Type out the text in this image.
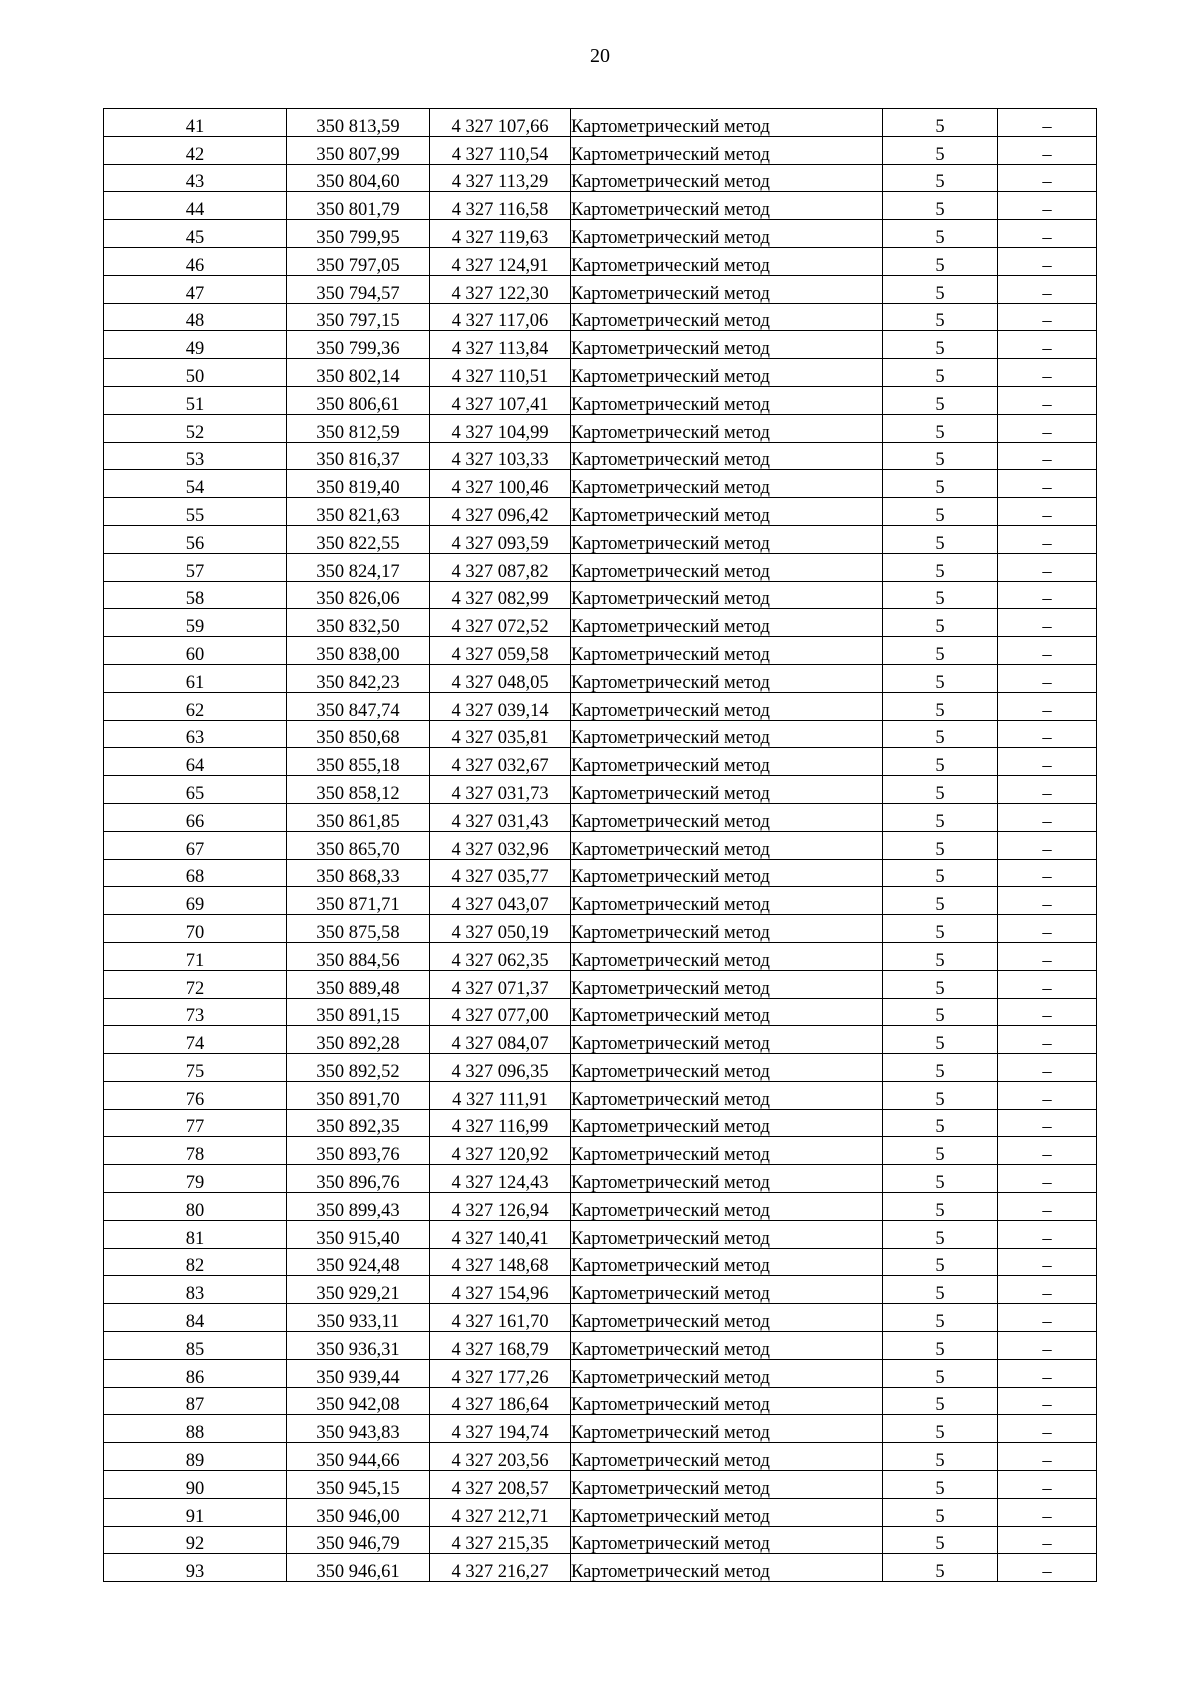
20
41	350 813,59	4 327 107,66	Картометрический метод	5	–
42	350 807,99	4 327 110,54	Картометрический метод	5	–
43	350 804,60	4 327 113,29	Картометрический метод	5	–
44	350 801,79	4 327 116,58	Картометрический метод	5	–
45	350 799,95	4 327 119,63	Картометрический метод	5	–
46	350 797,05	4 327 124,91	Картометрический метод	5	–
47	350 794,57	4 327 122,30	Картометрический метод	5	–
48	350 797,15	4 327 117,06	Картометрический метод	5	–
49	350 799,36	4 327 113,84	Картометрический метод	5	–
50	350 802,14	4 327 110,51	Картометрический метод	5	–
51	350 806,61	4 327 107,41	Картометрический метод	5	–
52	350 812,59	4 327 104,99	Картометрический метод	5	–
53	350 816,37	4 327 103,33	Картометрический метод	5	–
54	350 819,40	4 327 100,46	Картометрический метод	5	–
55	350 821,63	4 327 096,42	Картометрический метод	5	–
56	350 822,55	4 327 093,59	Картометрический метод	5	–
57	350 824,17	4 327 087,82	Картометрический метод	5	–
58	350 826,06	4 327 082,99	Картометрический метод	5	–
59	350 832,50	4 327 072,52	Картометрический метод	5	–
60	350 838,00	4 327 059,58	Картометрический метод	5	–
61	350 842,23	4 327 048,05	Картометрический метод	5	–
62	350 847,74	4 327 039,14	Картометрический метод	5	–
63	350 850,68	4 327 035,81	Картометрический метод	5	–
64	350 855,18	4 327 032,67	Картометрический метод	5	–
65	350 858,12	4 327 031,73	Картометрический метод	5	–
66	350 861,85	4 327 031,43	Картометрический метод	5	–
67	350 865,70	4 327 032,96	Картометрический метод	5	–
68	350 868,33	4 327 035,77	Картометрический метод	5	–
69	350 871,71	4 327 043,07	Картометрический метод	5	–
70	350 875,58	4 327 050,19	Картометрический метод	5	–
71	350 884,56	4 327 062,35	Картометрический метод	5	–
72	350 889,48	4 327 071,37	Картометрический метод	5	–
73	350 891,15	4 327 077,00	Картометрический метод	5	–
74	350 892,28	4 327 084,07	Картометрический метод	5	–
75	350 892,52	4 327 096,35	Картометрический метод	5	–
76	350 891,70	4 327 111,91	Картометрический метод	5	–
77	350 892,35	4 327 116,99	Картометрический метод	5	–
78	350 893,76	4 327 120,92	Картометрический метод	5	–
79	350 896,76	4 327 124,43	Картометрический метод	5	–
80	350 899,43	4 327 126,94	Картометрический метод	5	–
81	350 915,40	4 327 140,41	Картометрический метод	5	–
82	350 924,48	4 327 148,68	Картометрический метод	5	–
83	350 929,21	4 327 154,96	Картометрический метод	5	–
84	350 933,11	4 327 161,70	Картометрический метод	5	–
85	350 936,31	4 327 168,79	Картометрический метод	5	–
86	350 939,44	4 327 177,26	Картометрический метод	5	–
87	350 942,08	4 327 186,64	Картометрический метод	5	–
88	350 943,83	4 327 194,74	Картометрический метод	5	–
89	350 944,66	4 327 203,56	Картометрический метод	5	–
90	350 945,15	4 327 208,57	Картометрический метод	5	–
91	350 946,00	4 327 212,71	Картометрический метод	5	–
92	350 946,79	4 327 215,35	Картометрический метод	5	–
93	350 946,61	4 327 216,27	Картометрический метод	5	–
